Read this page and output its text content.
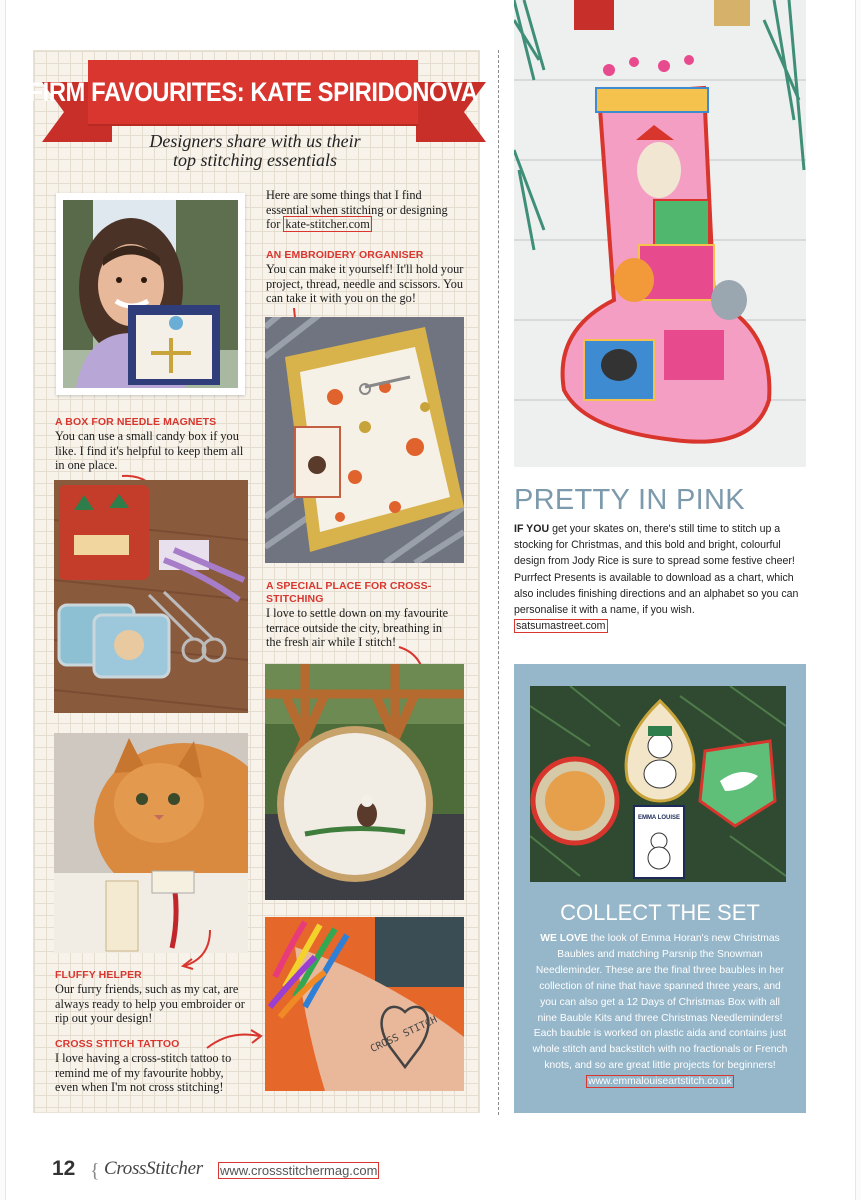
FIRM FAVOURITES: KATE SPIRIDONOVA
Designers share with us their
top stitching essentials
Here are some things that I find
essential when stitching or designing
for kate-stitcher.com
AN EMBROIDERY ORGANISER
You can make it yourself! It'll hold your
project, thread, needle and scissors. You
can take it with you on the go!
A BOX FOR NEEDLE MAGNETS
You can use a small candy box if you
like. I find it's helpful to keep them all
in one place.
A SPECIAL PLACE FOR CROSS-
STITCHING
I love to settle down on my favourite
terrace outside the city, breathing in
the fresh air while I stitch!
FLUFFY HELPER
Our furry friends, such as my cat, are
always ready to help you embroider or
rip out your design!
CROSS STITCH TATTOO
I love having a cross-stitch tattoo to
remind me of my favourite hobby,
even when I'm not cross stitching!
CROSS STITCH
PRETTY IN PINK
IF YOU get your skates on, there's still time to stitch up a
stocking for Christmas, and this bold and bright, colourful
design from Jody Rice is sure to spread some festive cheer!
Purrfect Presents is available to download as a chart, which
also includes finishing directions and an alphabet so you can
personalise it with a name, if you wish.
satsumastreet.com
EMMA LOUISE
COLLECT THE SET
WE LOVE the look of Emma Horan's new Christmas
Baubles and matching Parsnip the Snowman
Needleminder. These are the final three baubles in her
collection of nine that have spanned three years, and
you can also get a 12 Days of Christmas Box with all
nine Bauble Kits and three Christmas Needleminders!
Each bauble is worked on plastic aida and contains just
whole stitch and backstitch with no fractionals or French
knots, and so are great little projects for beginners!
www.emmalouiseartstitch.co.uk
12 { CrossStitcher www.crossstitchermag.com
